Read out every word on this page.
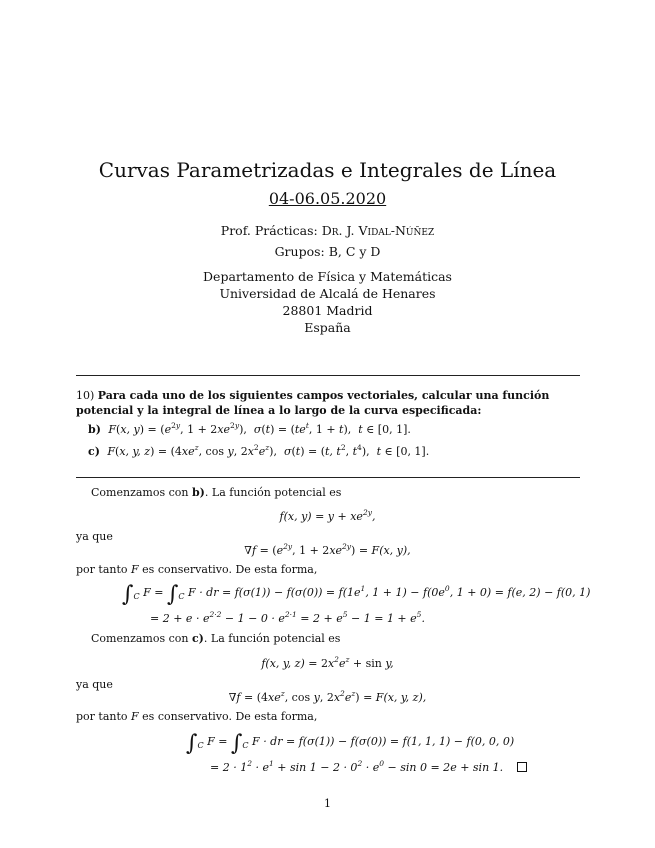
Curvas Parametrizadas e Integrales de Línea
04-06.05.2020
Prof. Prácticas: Dr. J. Vidal-Núñez
Grupos: B, C y D
Departamento de Física y Matemáticas
Universidad de Alcalá de Henares
28801 Madrid
España
10) Para cada uno de los siguientes campos vectoriales, calcular una función potencial y la integral de línea a lo largo de la curva especificada:
b) F(x, $y) = (e^{2y}$, $1 + 2xe^{2y}$),  $\sigma(t) = (te^t$, 1 + t),  t ∈ [0, 1].
c) F(x, y, $z) = (4xe^z$, cos y, $2x^2e^z$),  σ(t) = (t, $t^2$, $t^4$),  t ∈ [0, 1].
Comenzamos con b). La función potencial es
f(x, $y) = y + xe^{2y}$,
ya que
$\nabla f = (e^{2y}$, $1 + 2xe^{2y}) = F(x$, y),
por tanto F es conservativo. De esta forma,
$\int_C$ $F = \int_C$ F · dr = $f(\sigma(1)) - f(\sigma(0)) = f(1e^1$, $1 + 1) - f(0e^0$, 1 + 0) = f(e, 2) − f(0, 1)
= $2 + e \cdot e^{2\cdot 2} - 1 - 0 \cdot e^{2\cdot 1} = 2 + e^5 - 1 = 1 + e^5$.
Comenzamos con c). La función potencial es
f(x, y, $z) = 2x^2e^z + \sin y$,
ya que
$\nabla f = (4xe^z$, cos y, $2x^2e^z) = F(x$, y, z),
por tanto F es conservativo. De esta forma,
$\int_C$ $F = \int_C$ F · dr = f(σ(1)) − f(σ(0)) = f(1, 1, 1) − f(0, 0, 0)
= $2 \cdot 1^2 \cdot e^1 + \sin 1 - 2 \cdot 0^2 \cdot e^0 - \sin 0 = 2e + \sin 1$.
1
